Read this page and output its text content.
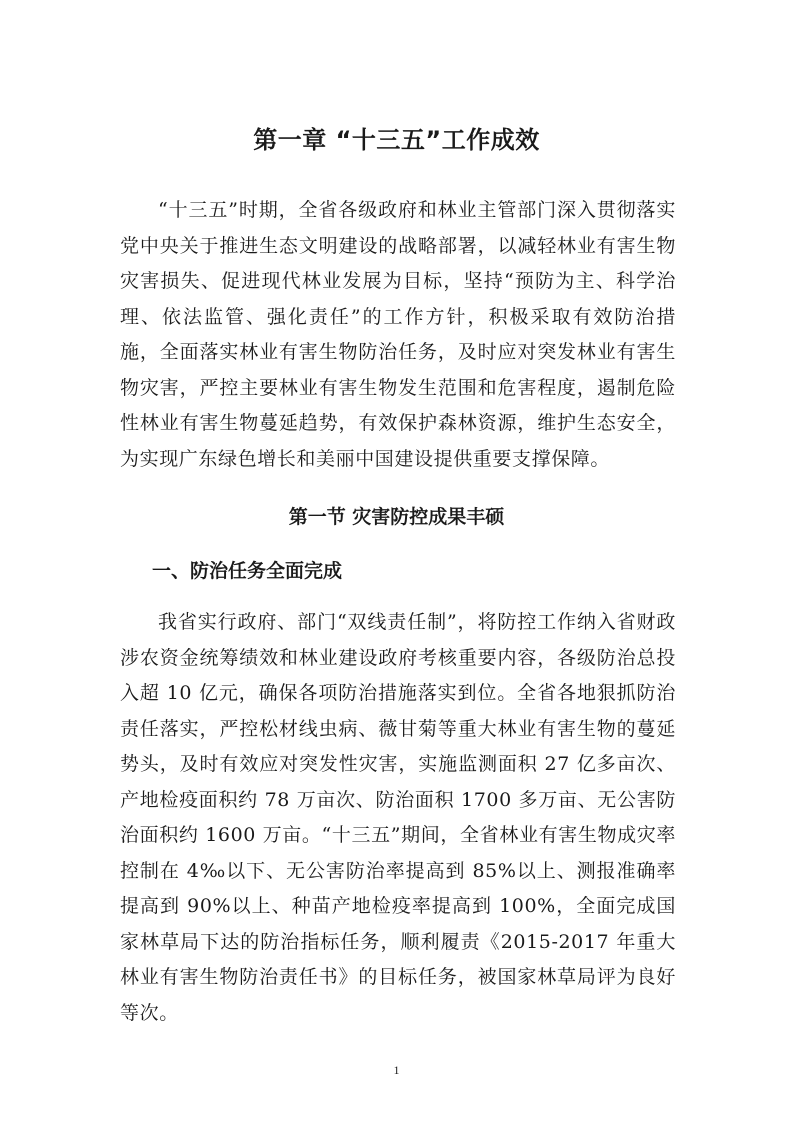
第一章 “十三五”工作成效

“十三五”时期，全省各级政府和林业主管部门深入贯彻落实党中央关于推进生态文明建设的战略部署，以减轻林业有害生物灾害损失、促进现代林业发展为目标，坚持“预防为主、科学治理、依法监管、强化责任”的工作方针，积极采取有效防治措施，全面落实林业有害生物防治任务，及时应对突发林业有害生物灾害，严控主要林业有害生物发生范围和危害程度，遏制危险性林业有害生物蔓延趋势，有效保护森林资源，维护生态安全，为实现广东绿色增长和美丽中国建设提供重要支撑保障。

第一节 灾害防控成果丰硕
一、防治任务全面完成

我省实行政府、部门“双线责任制”，将防控工作纳入省财政涉农资金统筹绩效和林业建设政府考核重要内容，各级防治总投入超 10 亿元，确保各项防治措施落实到位。全省各地狠抓防治责任落实，严控松材线虫病、薇甘菊等重大林业有害生物的蔓延势头，及时有效应对突发性灾害，实施监测面积 27 亿多亩次、产地检疫面积约 78 万亩次、防治面积 1700 多万亩、无公害防治面积约 1600 万亩。“十三五”期间，全省林业有害生物成灾率控制在 4‰以下、无公害防治率提高到 85%以上、测报准确率提高到 90%以上、种苗产地检疫率提高到 100%，全面完成国家林草局下达的防治指标任务，顺利履责《2015-2017 年重大林业有害生物防治责任书》的目标任务，被国家林草局评为良好等次。

1
